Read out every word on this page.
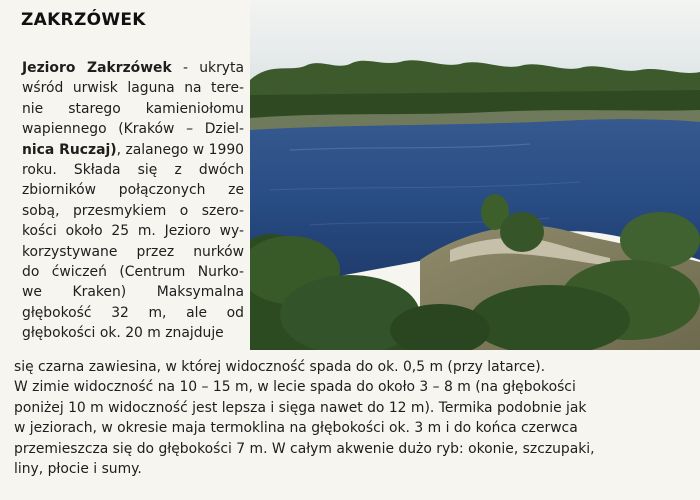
ZAKRZÓWEK
Jezioro Zakrzówek - ukryta
wśród urwisk laguna na tere-
nie starego kamieniołomu
wapiennego (Kraków – Dziel-
nica Ruczaj), zalanego w 1990
roku. Składa się z dwóch
zbiorników połączonych ze
sobą, przesmykiem o szero-
kości około 25 m. Jezioro wy-
korzystywane przez nurków
do ćwiczeń (Centrum Nurko-
we Kraken) Maksymalna
głębokość 32 m, ale od
głębokości ok. 20 m znajduje
się czarna zawiesina, w której widoczność spada do ok. 0,5 m (przy latarce).
W zimie widoczność na 10 – 15 m, w lecie spada do około 3 – 8 m (na głębokości
poniżej 10 m widoczność jest lepsza i sięga nawet do 12 m). Termika podobnie jak
w jeziorach, w okresie maja termoklina na głębokości ok. 3 m i do końca czerwca
przemieszcza się do głębokości 7 m. W całym akwenie dużo ryb: okonie, szczupaki,
liny, płocie i sumy.
